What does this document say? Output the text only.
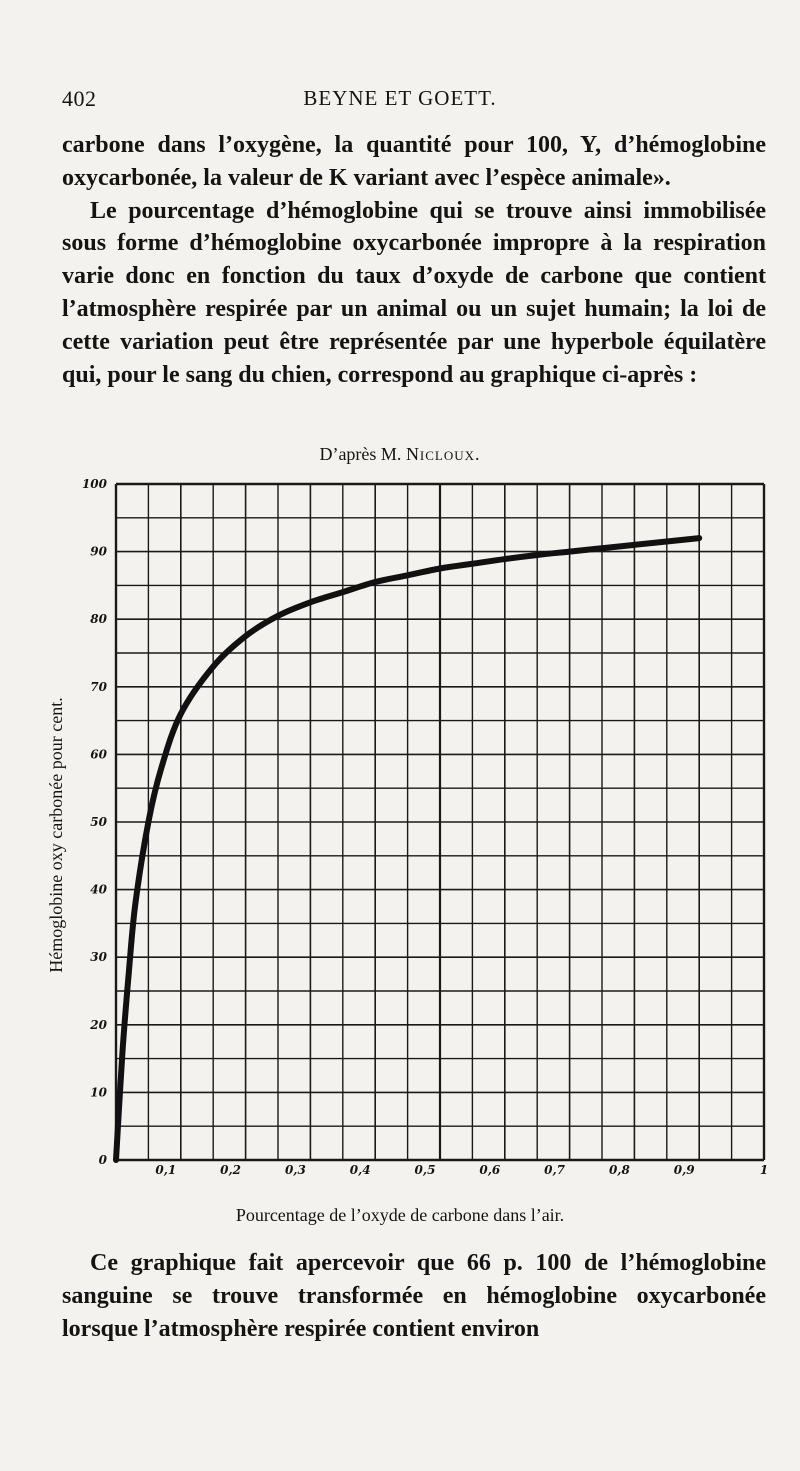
402	BEYNE ET GOETT.

carbone dans l’oxygène, la quantité pour 100, Y, d’hémoglobine oxycarbonée, la valeur de K variant avec l’espèce animale».
Le pourcentage d’hémoglobine qui se trouve ainsi immobilisée sous forme d’hémoglobine oxycarbonée impropre à la respiration varie donc en fonction du taux d’oxyde de carbone que contient l’atmosphère respirée par un animal ou un sujet humain; la loi de cette variation peut être représentée par une hyperbole équilatère qui, pour le sang du chien, correspond au graphique ci-après :

D’après M. Nicloux.
0
10
20
30
40
50
60
70
80
90
100
0,1	0,2	0,3	0,4	0,5	0,6	0,7	0,8	0,9	1
Hémoglobine oxy carbonée pour cent.
Pourcentage de l’oxyde de carbone dans l’air.

Ce graphique fait apercevoir que 66 p. 100 de l’hémoglobine sanguine se trouve transformée en hémoglobine oxycarbonée lorsque l’atmosphère respirée contient environ
